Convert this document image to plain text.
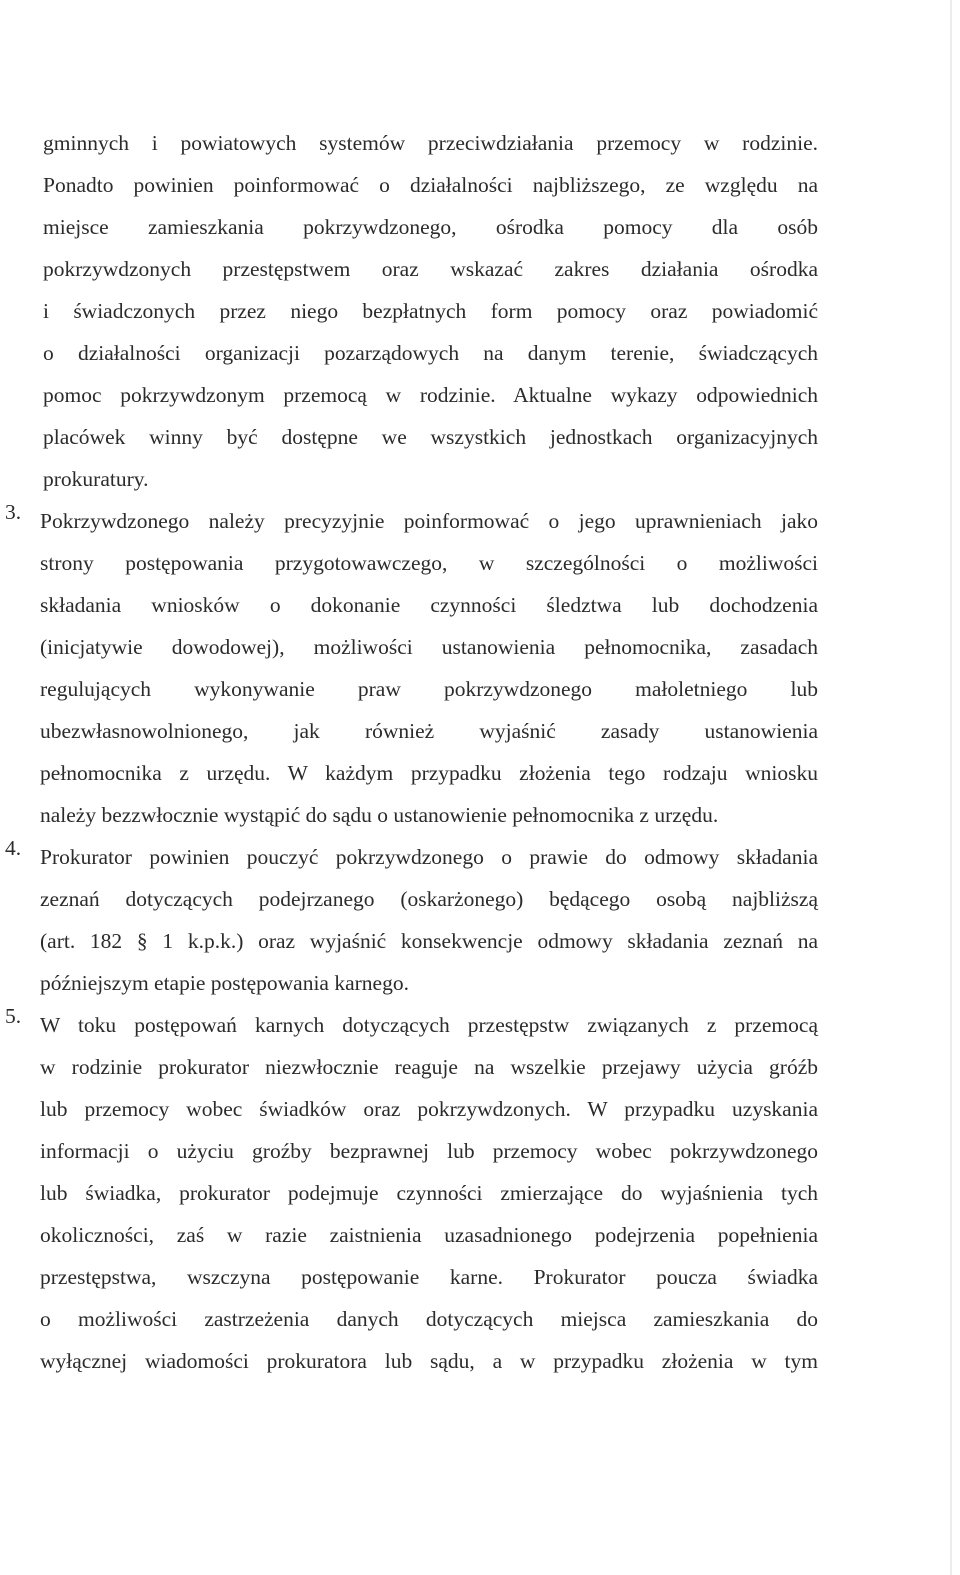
gminnych i powiatowych systemów przeciwdziałania przemocy w rodzinie.
Ponadto powinien poinformować o działalności najbliższego, ze względu na
miejsce zamieszkania pokrzywdzonego, ośrodka pomocy dla osób
pokrzywdzonych przestępstwem oraz wskazać zakres działania ośrodka
i świadczonych przez niego bezpłatnych form pomocy oraz powiadomić
o działalności organizacji pozarządowych na danym terenie, świadczących
pomoc pokrzywdzonym przemocą w rodzinie. Aktualne wykazy odpowiednich
placówek winny być dostępne we wszystkich jednostkach organizacyjnych
prokuratury.
3. Pokrzywdzonego należy precyzyjnie poinformować o jego uprawnieniach jako
strony postępowania przygotowawczego, w szczególności o możliwości
składania wniosków o dokonanie czynności śledztwa lub dochodzenia
(inicjatywie dowodowej), możliwości ustanowienia pełnomocnika, zasadach
regulujących wykonywanie praw pokrzywdzonego małoletniego lub
ubezwłasnowolnionego, jak również wyjaśnić zasady ustanowienia
pełnomocnika z urzędu. W każdym przypadku złożenia tego rodzaju wniosku
należy bezzwłocznie wystąpić do sądu o ustanowienie pełnomocnika z urzędu.
4. Prokurator powinien pouczyć pokrzywdzonego o prawie do odmowy składania
zeznań dotyczących podejrzanego (oskarżonego) będącego osobą najbliższą
(art. 182 § 1 k.p.k.) oraz wyjaśnić konsekwencje odmowy składania zeznań na
późniejszym etapie postępowania karnego.
5. W toku postępowań karnych dotyczących przestępstw związanych z przemocą
w rodzinie prokurator niezwłocznie reaguje na wszelkie przejawy użycia gróźb
lub przemocy wobec świadków oraz pokrzywdzonych. W przypadku uzyskania
informacji o użyciu groźby bezprawnej lub przemocy wobec pokrzywdzonego
lub świadka, prokurator podejmuje czynności zmierzające do wyjaśnienia tych
okoliczności, zaś w razie zaistnienia uzasadnionego podejrzenia popełnienia
przestępstwa, wszczyna postępowanie karne. Prokurator poucza świadka
o możliwości zastrzeżenia danych dotyczących miejsca zamieszkania do
wyłącznej wiadomości prokuratora lub sądu, a w przypadku złożenia w tym
